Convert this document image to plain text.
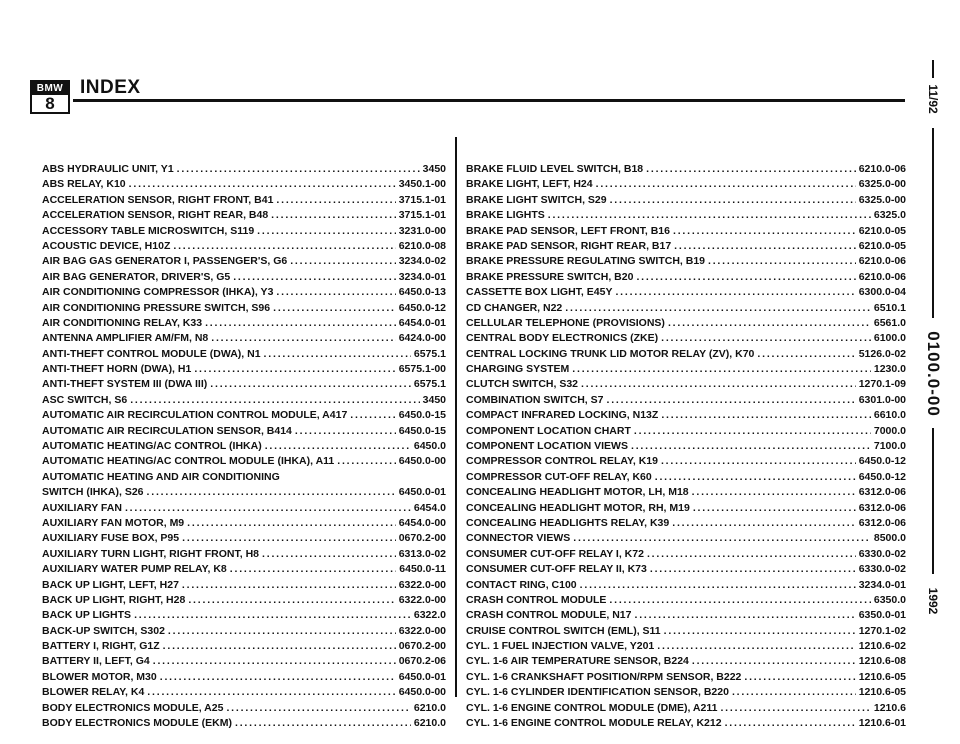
BMW
8
INDEX
ABS HYDRAULIC UNIT, Y1 .....	3450
ABS RELAY, K10 .....	3450.1-00
ACCELERATION SENSOR, RIGHT FRONT, B41 .....	3715.1-01
ACCELERATION SENSOR, RIGHT REAR, B48 .....	3715.1-01
ACCESSORY TABLE MICROSWITCH, S119 .....	3231.0-00
ACOUSTIC DEVICE, H10Z .....	6210.0-08
AIR BAG GAS GENERATOR I, PASSENGER'S, G6 .....	3234.0-02
AIR BAG GENERATOR, DRIVER'S, G5 .....	3234.0-01
AIR CONDITIONING COMPRESSOR (IHKA), Y3 .....	6450.0-13
AIR CONDITIONING PRESSURE SWITCH, S96 .....	6450.0-12
AIR CONDITIONING RELAY, K33 .....	6454.0-01
ANTENNA AMPLIFIER AM/FM, N8 .....	6424.0-00
ANTI-THEFT CONTROL MODULE (DWA), N1 .....	6575.1
ANTI-THEFT HORN (DWA), H1 .....	6575.1-00
ANTI-THEFT SYSTEM III (DWA III) .....	6575.1
ASC SWITCH, S6 .....	3450
AUTOMATIC AIR RECIRCULATION CONTROL MODULE, A417 .....	6450.0-15
AUTOMATIC AIR RECIRCULATION SENSOR, B414 .....	6450.0-15
AUTOMATIC HEATING/AC CONTROL (IHKA) .....	6450.0
AUTOMATIC HEATING/AC CONTROL MODULE (IHKA), A11 .....	6450.0-00
AUTOMATIC HEATING AND AIR CONDITIONING
SWITCH (IHKA), S26 .....	6450.0-01
AUXILIARY FAN .....	6454.0
AUXILIARY FAN MOTOR, M9 .....	6454.0-00
AUXILIARY FUSE BOX, P95 .....	0670.2-00
AUXILIARY TURN LIGHT, RIGHT FRONT, H8 .....	6313.0-02
AUXILIARY WATER PUMP RELAY, K8 .....	6450.0-11
BACK UP LIGHT, LEFT, H27 .....	6322.0-00
BACK UP LIGHT, RIGHT, H28 .....	6322.0-00
BACK UP LIGHTS .....	6322.0
BACK-UP SWITCH, S302 .....	6322.0-00
BATTERY I, RIGHT, G1Z .....	0670.2-00
BATTERY II, LEFT, G4 .....	0670.2-06
BLOWER MOTOR, M30 .....	6450.0-01
BLOWER RELAY, K4 .....	6450.0-00
BODY ELECTRONICS MODULE, A25 .....	6210.0
BODY ELECTRONICS MODULE (EKM) .....	6210.0
BRAKE FLUID LEVEL SWITCH, B18 .....	6210.0-06
BRAKE LIGHT, LEFT, H24 .....	6325.0-00
BRAKE LIGHT SWITCH, S29 .....	6325.0-00
BRAKE LIGHTS .....	6325.0
BRAKE PAD SENSOR, LEFT FRONT, B16 .....	6210.0-05
BRAKE PAD SENSOR, RIGHT REAR, B17 .....	6210.0-05
BRAKE PRESSURE REGULATING SWITCH, B19 .....	6210.0-06
BRAKE PRESSURE SWITCH, B20 .....	6210.0-06
CASSETTE BOX LIGHT, E45Y .....	6300.0-04
CD CHANGER, N22 .....	6510.1
CELLULAR TELEPHONE (PROVISIONS) .....	6561.0
CENTRAL BODY ELECTRONICS (ZKE) .....	6100.0
CENTRAL LOCKING TRUNK LID MOTOR RELAY (ZV), K70 .....	5126.0-02
CHARGING SYSTEM .....	1230.0
CLUTCH SWITCH, S32 .....	1270.1-09
COMBINATION SWITCH, S7 .....	6301.0-00
COMPACT INFRARED LOCKING, N13Z .....	6610.0
COMPONENT LOCATION CHART .....	7000.0
COMPONENT LOCATION VIEWS .....	7100.0
COMPRESSOR CONTROL RELAY, K19 .....	6450.0-12
COMPRESSOR CUT-OFF RELAY, K60 .....	6450.0-12
CONCEALING HEADLIGHT MOTOR, LH, M18 .....	6312.0-06
CONCEALING HEADLIGHT MOTOR, RH, M19 .....	6312.0-06
CONCEALING HEADLIGHTS RELAY, K39 .....	6312.0-06
CONNECTOR VIEWS .....	8500.0
CONSUMER CUT-OFF RELAY I, K72 .....	6330.0-02
CONSUMER CUT-OFF RELAY II, K73 .....	6330.0-02
CONTACT RING, C100 .....	3234.0-01
CRASH CONTROL MODULE .....	6350.0
CRASH CONTROL MODULE, N17 .....	6350.0-01
CRUISE CONTROL SWITCH (EML), S11 .....	1270.1-02
CYL. 1 FUEL INJECTION VALVE, Y201 .....	1210.6-02
CYL. 1-6 AIR TEMPERATURE SENSOR, B224 .....	1210.6-08
CYL. 1-6 CRANKSHAFT POSITION/RPM SENSOR, B222 .....	1210.6-05
CYL. 1-6 CYLINDER IDENTIFICATION SENSOR, B220 .....	1210.6-05
CYL. 1-6 ENGINE CONTROL MODULE (DME), A211 .....	1210.6
CYL. 1-6 ENGINE CONTROL MODULE RELAY, K212 .....	1210.6-01
11/92
0100.0-00
1992
